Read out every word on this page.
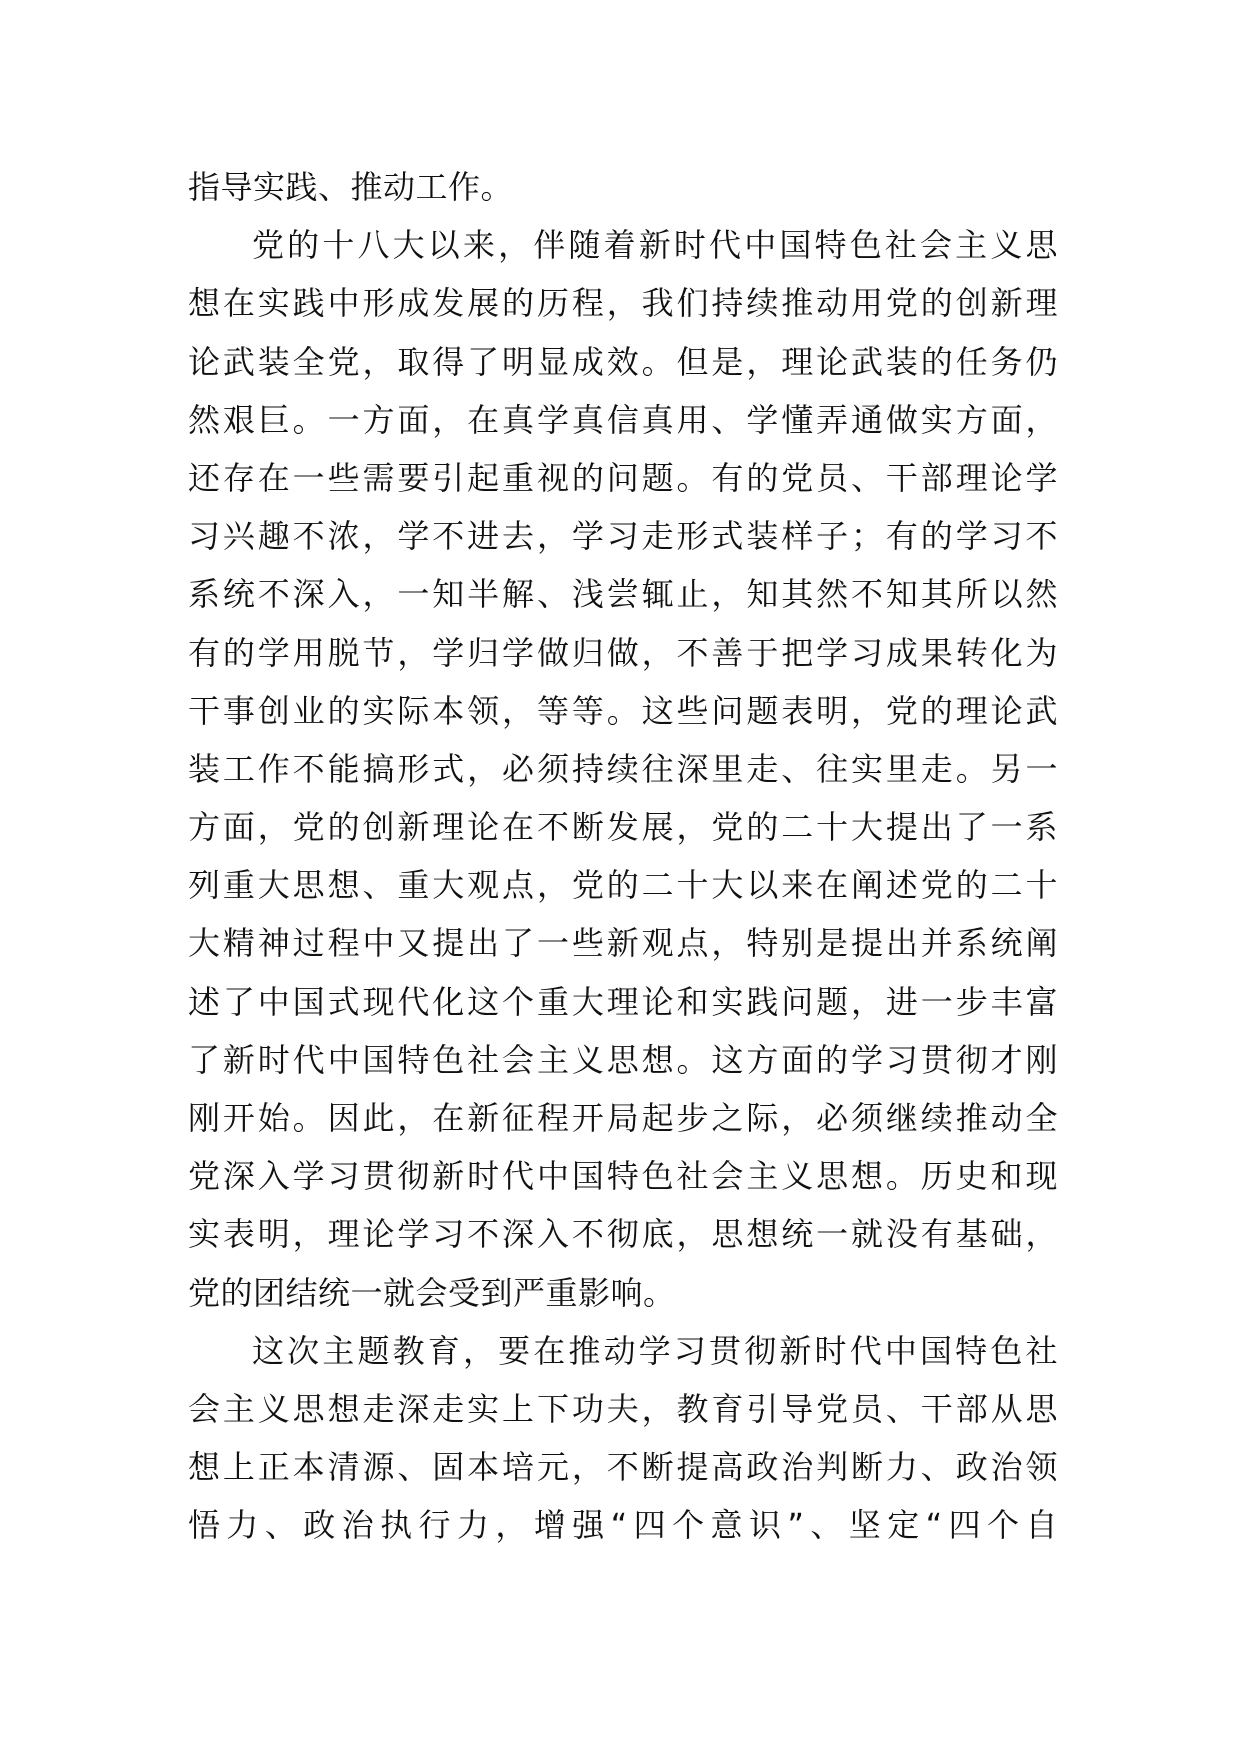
指导实践、推动工作。

党的十八大以来，伴随着新时代中国特色社会主义思
想在实践中形成发展的历程，我们持续推动用党的创新理
论武装全党，取得了明显成效。但是，理论武装的任务仍
然艰巨。一方面，在真学真信真用、学懂弄通做实方面，
还存在一些需要引起重视的问题。有的党员、干部理论学
习兴趣不浓，学不进去，学习走形式装样子；有的学习不
系统不深入，一知半解、浅尝辄止，知其然不知其所以然
有的学用脱节，学归学做归做，不善于把学习成果转化为
干事创业的实际本领，等等。这些问题表明，党的理论武
装工作不能搞形式，必须持续往深里走、往实里走。另一
方面，党的创新理论在不断发展，党的二十大提出了一系
列重大思想、重大观点，党的二十大以来在阐述党的二十
大精神过程中又提出了一些新观点，特别是提出并系统阐
述了中国式现代化这个重大理论和实践问题，进一步丰富
了新时代中国特色社会主义思想。这方面的学习贯彻才刚
刚开始。因此，在新征程开局起步之际，必须继续推动全
党深入学习贯彻新时代中国特色社会主义思想。历史和现
实表明，理论学习不深入不彻底，思想统一就没有基础，
党的团结统一就会受到严重影响。

这次主题教育，要在推动学习贯彻新时代中国特色社
会主义思想走深走实上下功夫，教育引导党员、干部从思
想上正本清源、固本培元，不断提高政治判断力、政治领
悟力、政治执行力，增强“四个意识”、坚定“四个自
